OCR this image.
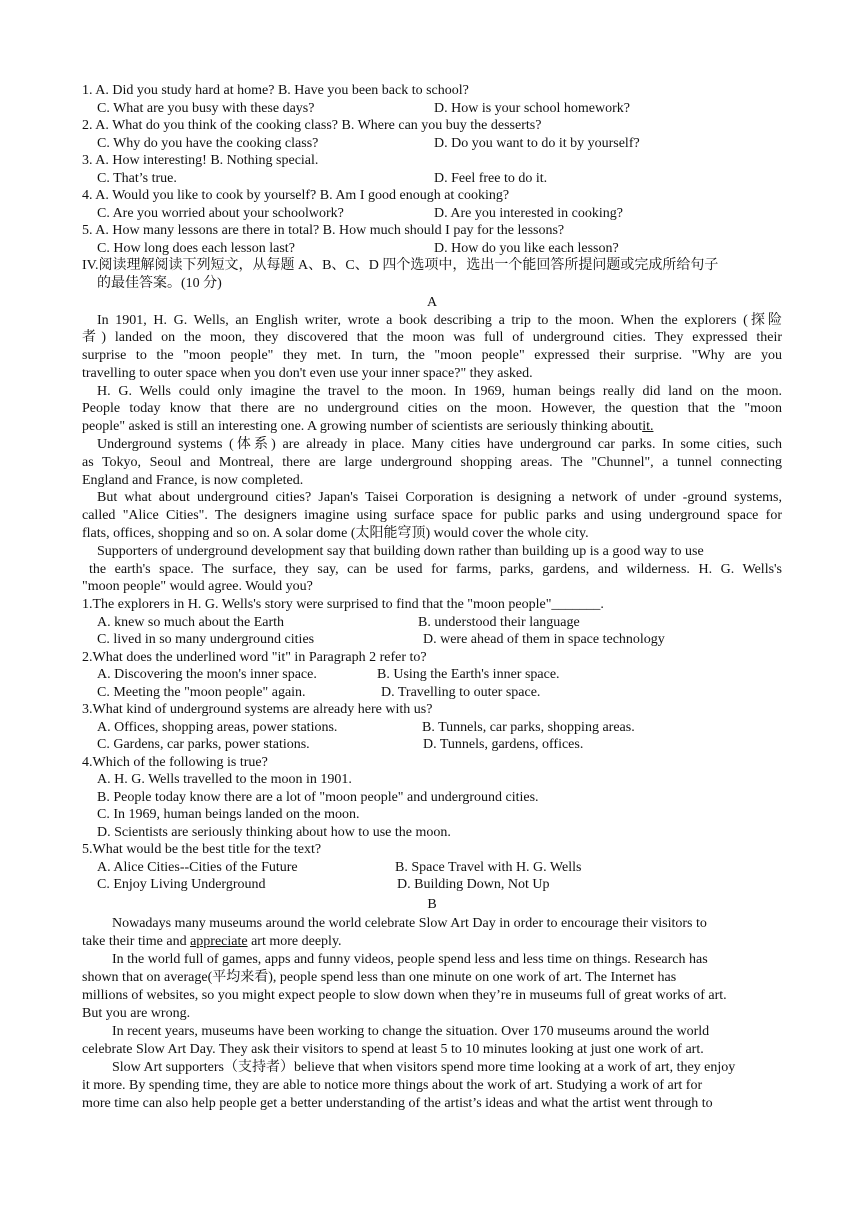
1. A. Did you study hard at home? B. Have you been back to school?
C. What are you busy with these days?	D. How is your school homework?
2. A. What do you think of the cooking class? B. Where can you buy the desserts?
C. Why do you have the cooking class?	D. Do you want to do it by yourself?
3. A. How interesting! B. Nothing special.
C. That’s true.	D. Feel free to do it.
4. A. Would you like to cook by yourself? B. Am I good enough at cooking?
C. Are you worried about your schoolwork?	D. Are you interested in cooking?
5. A. How many lessons are there in total? B. How much should I pay for the lessons?
C. How long does each lesson last?	D. How do you like each lesson?
IV.阅读理解阅读下列短文，从每题 A、B、C、D 四个选项中，选出一个能回答所提问题或完成所给句子
的最佳答案。(10 分)
A
In 1901, H. G. Wells, an English writer, wrote a book describing a trip to the moon. When the explorers (探险
者) landed on the moon, they discovered that the moon was full of underground cities. They expressed their
surprise to the "moon people" they met. In turn, the "moon people" expressed their surprise. "Why are you
travelling to outer space when you don't even use your inner space?" they asked.
H. G. Wells could only imagine the travel to the moon. In 1969, human beings really did land on the moon.
People today know that there are no underground cities on the moon. However, the question that the "moon
people" asked is still an interesting one. A growing number of scientists are seriously thinking aboutit.
Underground systems (体系) are already in place. Many cities have underground car parks. In some cities, such
as Tokyo, Seoul and Montreal, there are large underground shopping areas. The "Chunnel", a tunnel connecting
England and France, is now completed.
But what about underground cities? Japan's Taisei Corporation is designing a network of under -ground systems,
called "Alice Cities". The designers imagine using surface space for public parks and using underground space for
flats, offices, shopping and so on. A solar dome (太阳能穹顶) would cover the whole city.
Supporters of underground development say that building down rather than building up is a good way to use
the earth's space. The surface, they say, can be used for farms, parks, gardens, and wilderness. H. G. Wells's
"moon people" would agree. Would you?
1.The explorers in H. G. Wells's story were surprised to find that the "moon people"_______.
A. knew so much about the Earth	B. understood their language
C. lived in so many underground cities	D. were ahead of them in space technology
2.What does the underlined word "it" in Paragraph 2 refer to?
A. Discovering the moon's inner space.	B. Using the Earth's inner space.
C. Meeting the "moon people" again.	D. Travelling to outer space.
3.What kind of underground systems are already here with us?
A. Offices, shopping areas, power stations.	B. Tunnels, car parks, shopping areas.
C. Gardens, car parks, power stations.	D. Tunnels, gardens, offices.
4.Which of the following is true?
A. H. G. Wells travelled to the moon in 1901.
B. People today know there are a lot of "moon people" and underground cities.
C. In 1969, human beings landed on the moon.
D. Scientists are seriously thinking about how to use the moon.
5.What would be the best title for the text?
A. Alice Cities--Cities of the Future	B. Space Travel with H. G. Wells
C. Enjoy Living Underground	D. Building Down, Not Up
B
Nowadays many museums around the world celebrate Slow Art Day in order to encourage their visitors to
take their time and appreciate art more deeply.
In the world full of games, apps and funny videos, people spend less and less time on things. Research has
shown that on average(平均来看), people spend less than one minute on one work of art. The Internet has
millions of websites, so you might expect people to slow down when they’re in museums full of great works of art.
But you are wrong.
In recent years, museums have been working to change the situation. Over 170 museums around the world
celebrate Slow Art Day. They ask their visitors to spend at least 5 to 10 minutes looking at just one work of art.
Slow Art supporters（支持者）believe that when visitors spend more time looking at a work of art, they enjoy
it more. By spending time, they are able to notice more things about the work of art. Studying a work of art for
more time can also help people get a better understanding of the artist’s ideas and what the artist went through to
